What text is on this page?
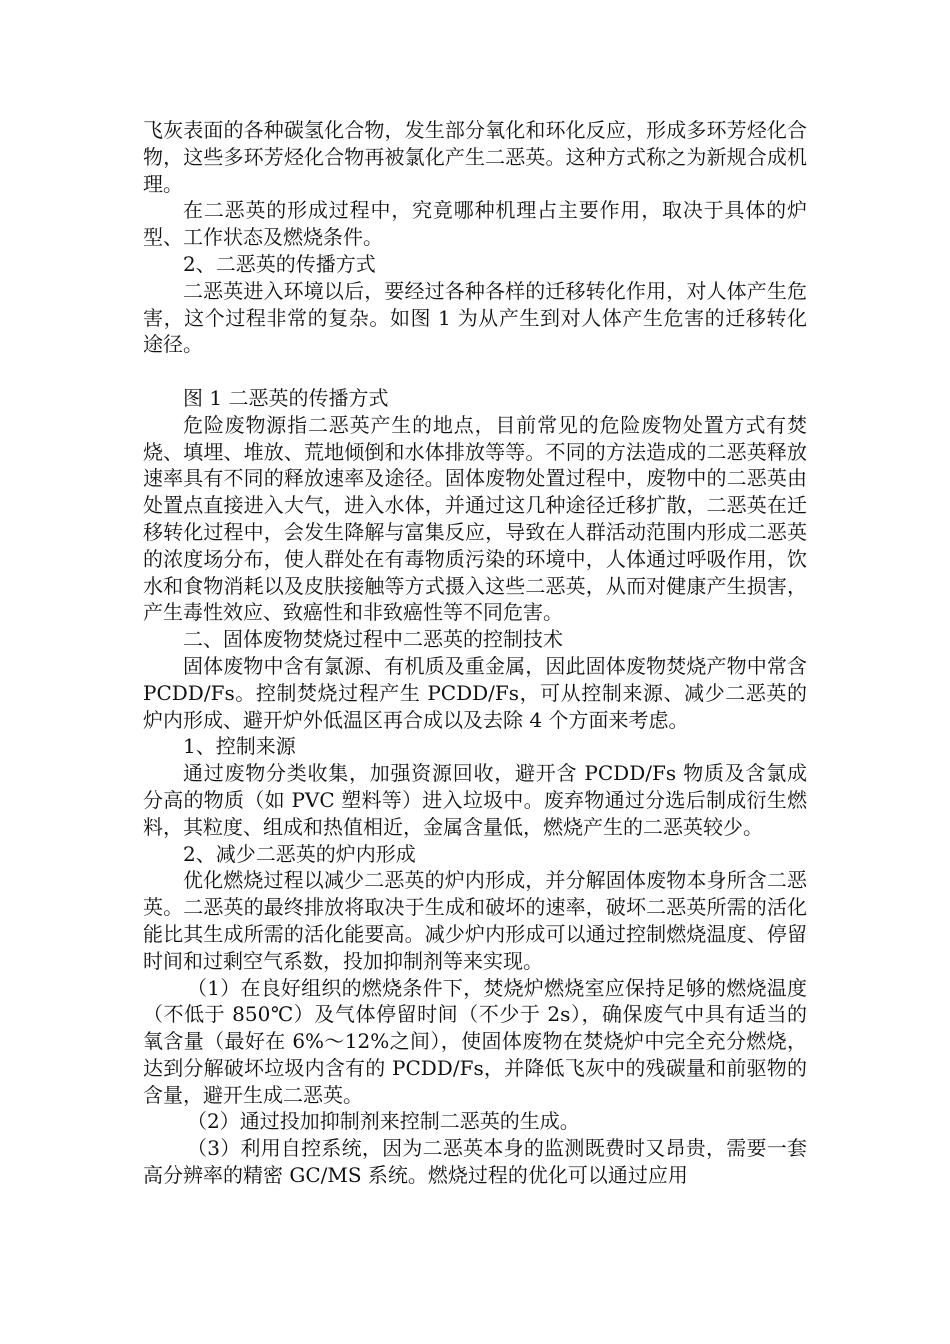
飞灰表面的各种碳氢化合物，发生部分氧化和环化反应，形成多环芳烃化合物，这些多环芳烃化合物再被氯化产生二恶英。这种方式称之为新规合成机理。

在二恶英的形成过程中，究竟哪种机理占主要作用，取决于具体的炉型、工作状态及燃烧条件。

2、二恶英的传播方式

二恶英进入环境以后，要经过各种各样的迁移转化作用，对人体产生危害，这个过程非常的复杂。如图 1 为从产生到对人体产生危害的迁移转化途径。

图 1 二恶英的传播方式

危险废物源指二恶英产生的地点，目前常见的危险废物处置方式有焚烧、填埋、堆放、荒地倾倒和水体排放等等。不同的方法造成的二恶英释放速率具有不同的释放速率及途径。固体废物处置过程中，废物中的二恶英由处置点直接进入大气，进入水体，并通过这几种途径迁移扩散，二恶英在迁移转化过程中，会发生降解与富集反应，导致在人群活动范围内形成二恶英的浓度场分布，使人群处在有毒物质污染的环境中，人体通过呼吸作用，饮水和食物消耗以及皮肤接触等方式摄入这些二恶英，从而对健康产生损害，产生毒性效应、致癌性和非致癌性等不同危害。

二、固体废物焚烧过程中二恶英的控制技术

固体废物中含有氯源、有机质及重金属，因此固体废物焚烧产物中常含 PCDD/Fs。控制焚烧过程产生 PCDD/Fs，可从控制来源、减少二恶英的炉内形成、避开炉外低温区再合成以及去除 4 个方面来考虑。

1、控制来源

通过废物分类收集，加强资源回收，避开含 PCDD/Fs 物质及含氯成分高的物质（如 PVC 塑料等）进入垃圾中。废弃物通过分选后制成衍生燃料，其粒度、组成和热值相近，金属含量低，燃烧产生的二恶英较少。

2、减少二恶英的炉内形成

优化燃烧过程以减少二恶英的炉内形成，并分解固体废物本身所含二恶英。二恶英的最终排放将取决于生成和破坏的速率，破坏二恶英所需的活化能比其生成所需的活化能要高。减少炉内形成可以通过控制燃烧温度、停留时间和过剩空气系数，投加抑制剂等来实现。

（1）在良好组织的燃烧条件下，焚烧炉燃烧室应保持足够的燃烧温度（不低于 850℃）及气体停留时间（不少于 2s），确保废气中具有适当的氧含量（最好在 6%～12%之间），使固体废物在焚烧炉中完全充分燃烧，达到分解破坏垃圾内含有的 PCDD/Fs，并降低飞灰中的残碳量和前驱物的含量，避开生成二恶英。

（2）通过投加抑制剂来控制二恶英的生成。

（3）利用自控系统，因为二恶英本身的监测既费时又昂贵，需要一套高分辨率的精密 GC/MS 系统。燃烧过程的优化可以通过应用
